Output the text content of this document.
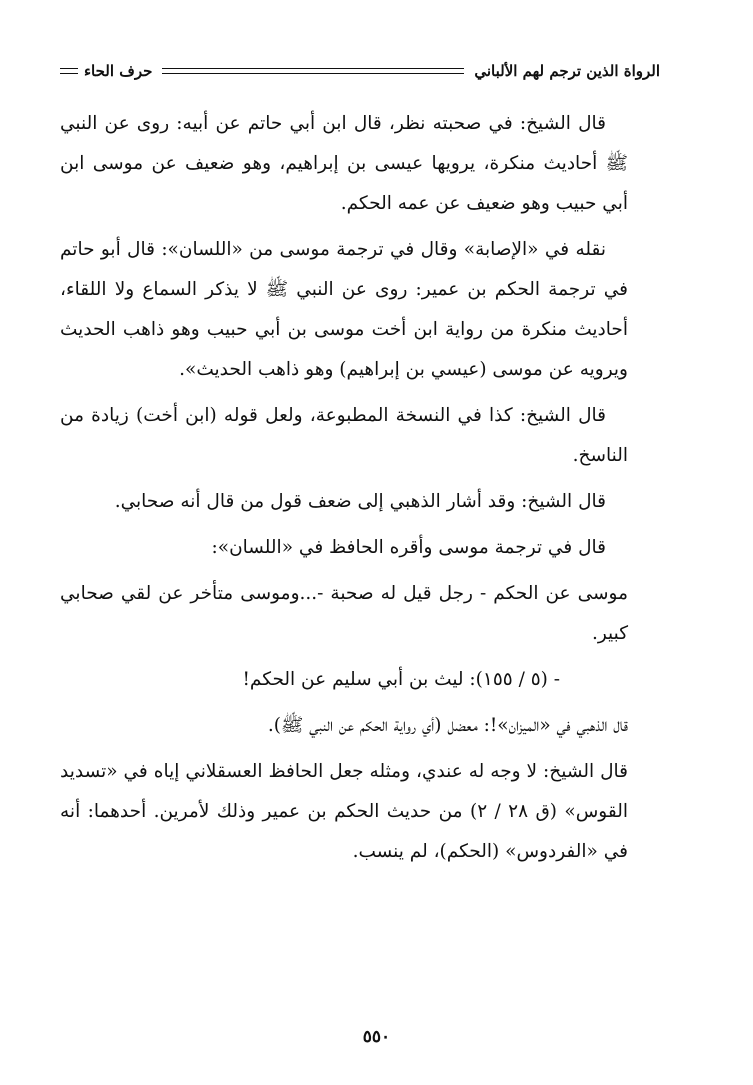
الرواة الذين ترجم لهم الألباني
حرف الحاء

قال الشيخ: في صحبته نظر، قال ابن أبي حاتم عن أبيه: روى عن النبي ﷺ أحاديث منكرة، يرويها عيسى بن إبراهيم، وهو ضعيف عن موسى ابن أبي حبيب وهو ضعيف عن عمه الحكم.

نقله في «الإصابة» وقال في ترجمة موسى من «اللسان»: قال أبو حاتم في ترجمة الحكم بن عمير: روى عن النبي ﷺ لا يذكر السماع ولا اللقاء، أحاديث منكرة من رواية ابن أخت موسى بن أبي حبيب وهو ذاهب الحديث ويرويه عن موسى (عيسي بن إبراهيم) وهو ذاهب الحديث».

قال الشيخ: كذا في النسخة المطبوعة، ولعل قوله (ابن أخت) زيادة من الناسخ.

قال الشيخ: وقد أشار الذهبي إلى ضعف قول من قال أنه صحابي.

قال في ترجمة موسى وأقره الحافظ في «اللسان»:

موسى عن الحكم - رجل قيل له صحبة -...وموسى متأخر عن لقي صحابي كبير.

- (٥ / ١٥٥): ليث بن أبي سليم عن الحكم!

قال الذهبي في «الميزان»!: معضل (أي رواية الحكم عن النبي ﷺ).

قال الشيخ: لا وجه له عندي، ومثله جعل الحافظ العسقلاني إياه في «تسديد القوس» (ق ٢٨ / ٢) من حديث الحكم بن عمير وذلك لأمرين. أحدهما: أنه في «الفردوس» (الحكم)، لم ينسب.

٥٥٠
